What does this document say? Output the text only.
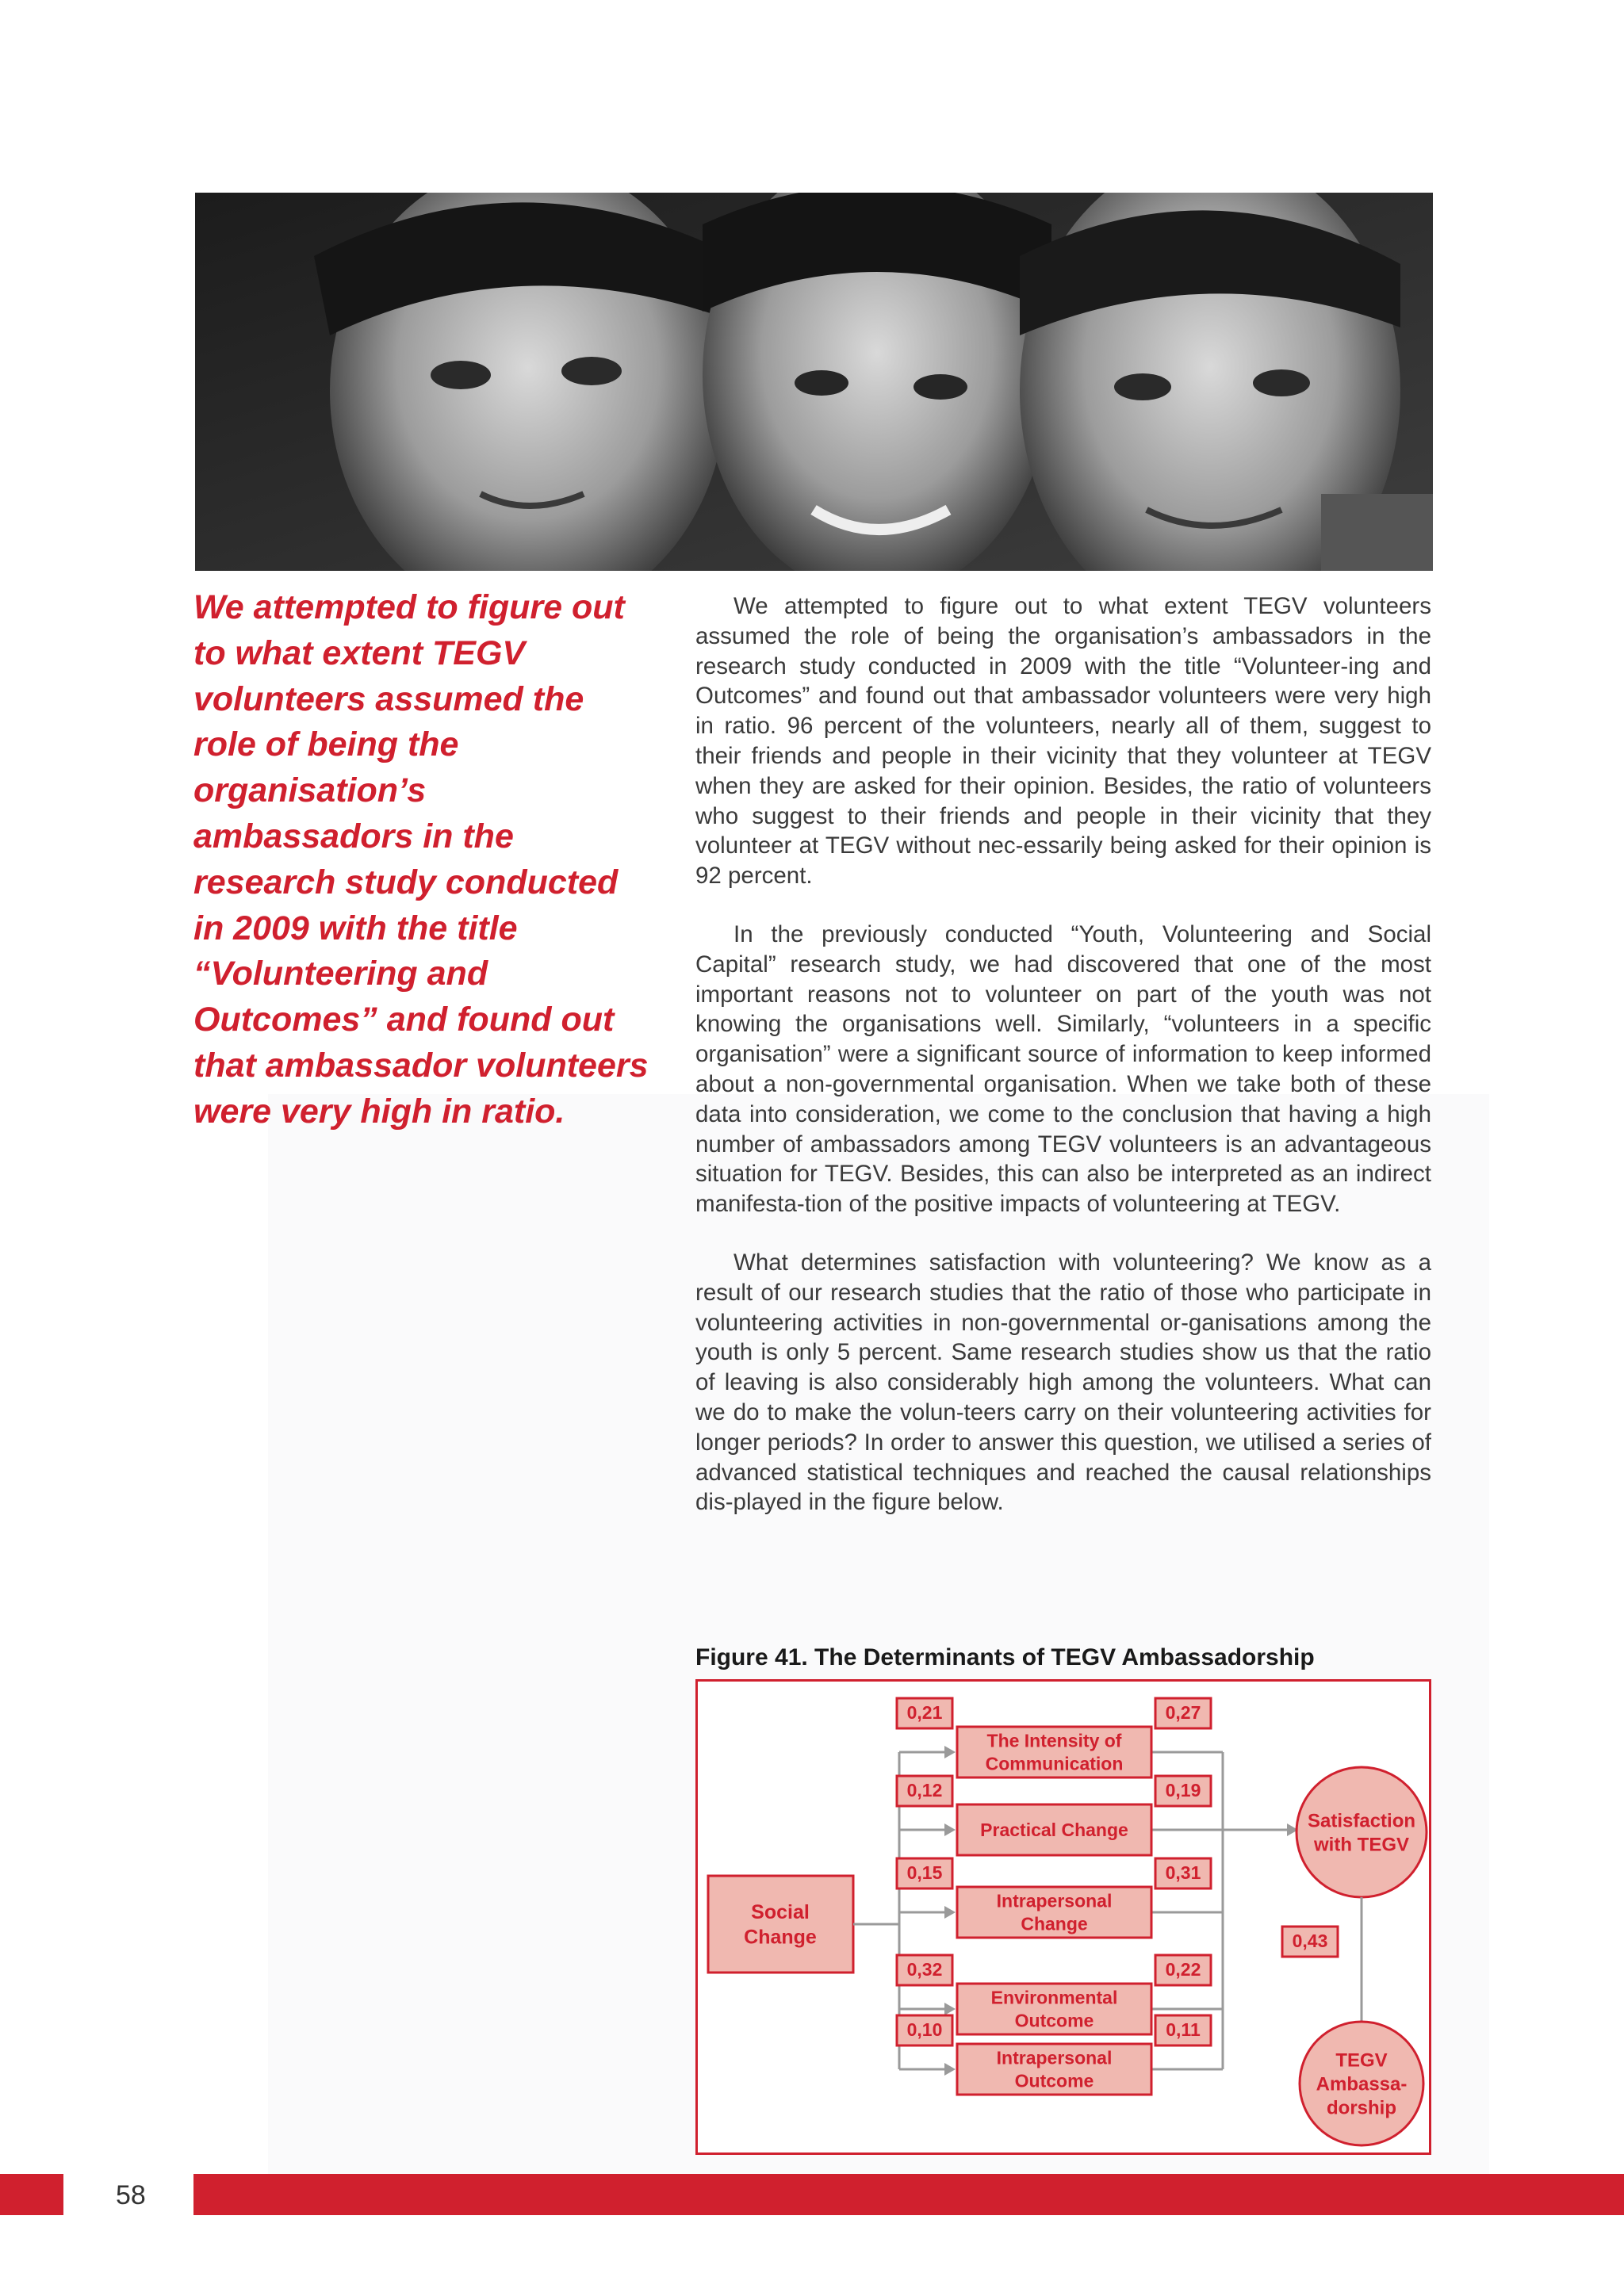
We attempted to figure out to what extent TEGV volunteers assumed the role of being the organisation’s ambassadors in the research study conducted in 2009 with the title “Volunteering and Outcomes” and found out that ambassador volunteers were very high in ratio.

We attempted to figure out to what extent TEGV volunteers assumed the role of being the organisation’s ambassadors in the research study conducted in 2009 with the title “Volunteer-ing and Outcomes” and found out that ambassador volunteers were very high in ratio. 96 percent of the volunteers, nearly all of them, suggest to their friends and people in their vicinity that they volunteer at TEGV when they are asked for their opinion. Besides, the ratio of volunteers who suggest to their friends and people in their vicinity that they volunteer at TEGV without nec-essarily being asked for their opinion is 92 percent.

In the previously conducted “Youth, Volunteering and Social Capital” research study, we had discovered that one of the most important reasons not to volunteer on part of the youth was not knowing the organisations well. Similarly, “volunteers in a specific organisation” were a significant source of information to keep informed about a non-governmental organisation. When we take both of these data into consideration, we come to the conclusion that having a high number of ambassadors among TEGV volunteers is an advantageous situation for TEGV. Besides, this can also be interpreted as an indirect manifesta-tion of the positive impacts of volunteering at TEGV.

What determines satisfaction with volunteering? We know as a result of our research studies that the ratio of those who participate in volunteering activities in non-governmental or-ganisations among the youth is only 5 percent. Same research studies show us that the ratio of leaving is also considerably high among the volunteers. What can we do to make the volun-teers carry on their volunteering activities for longer periods? In order to answer this question, we utilised a series of advanced statistical techniques and reached the causal relationships dis-played in the figure below.

Figure 41. The Determinants of TEGV Ambassadorship
Social
Change
The Intensity of
Communication
0,21	0,27
Practical Change
0,12	0,19
Intrapersonal
Change
0,15	0,31
Environmental
Outcome
0,32	0,22
Intrapersonal
Outcome
0,10	0,11
Satisfaction
with TEGV
0,43
TEGV
Ambassa-
dorship
58
